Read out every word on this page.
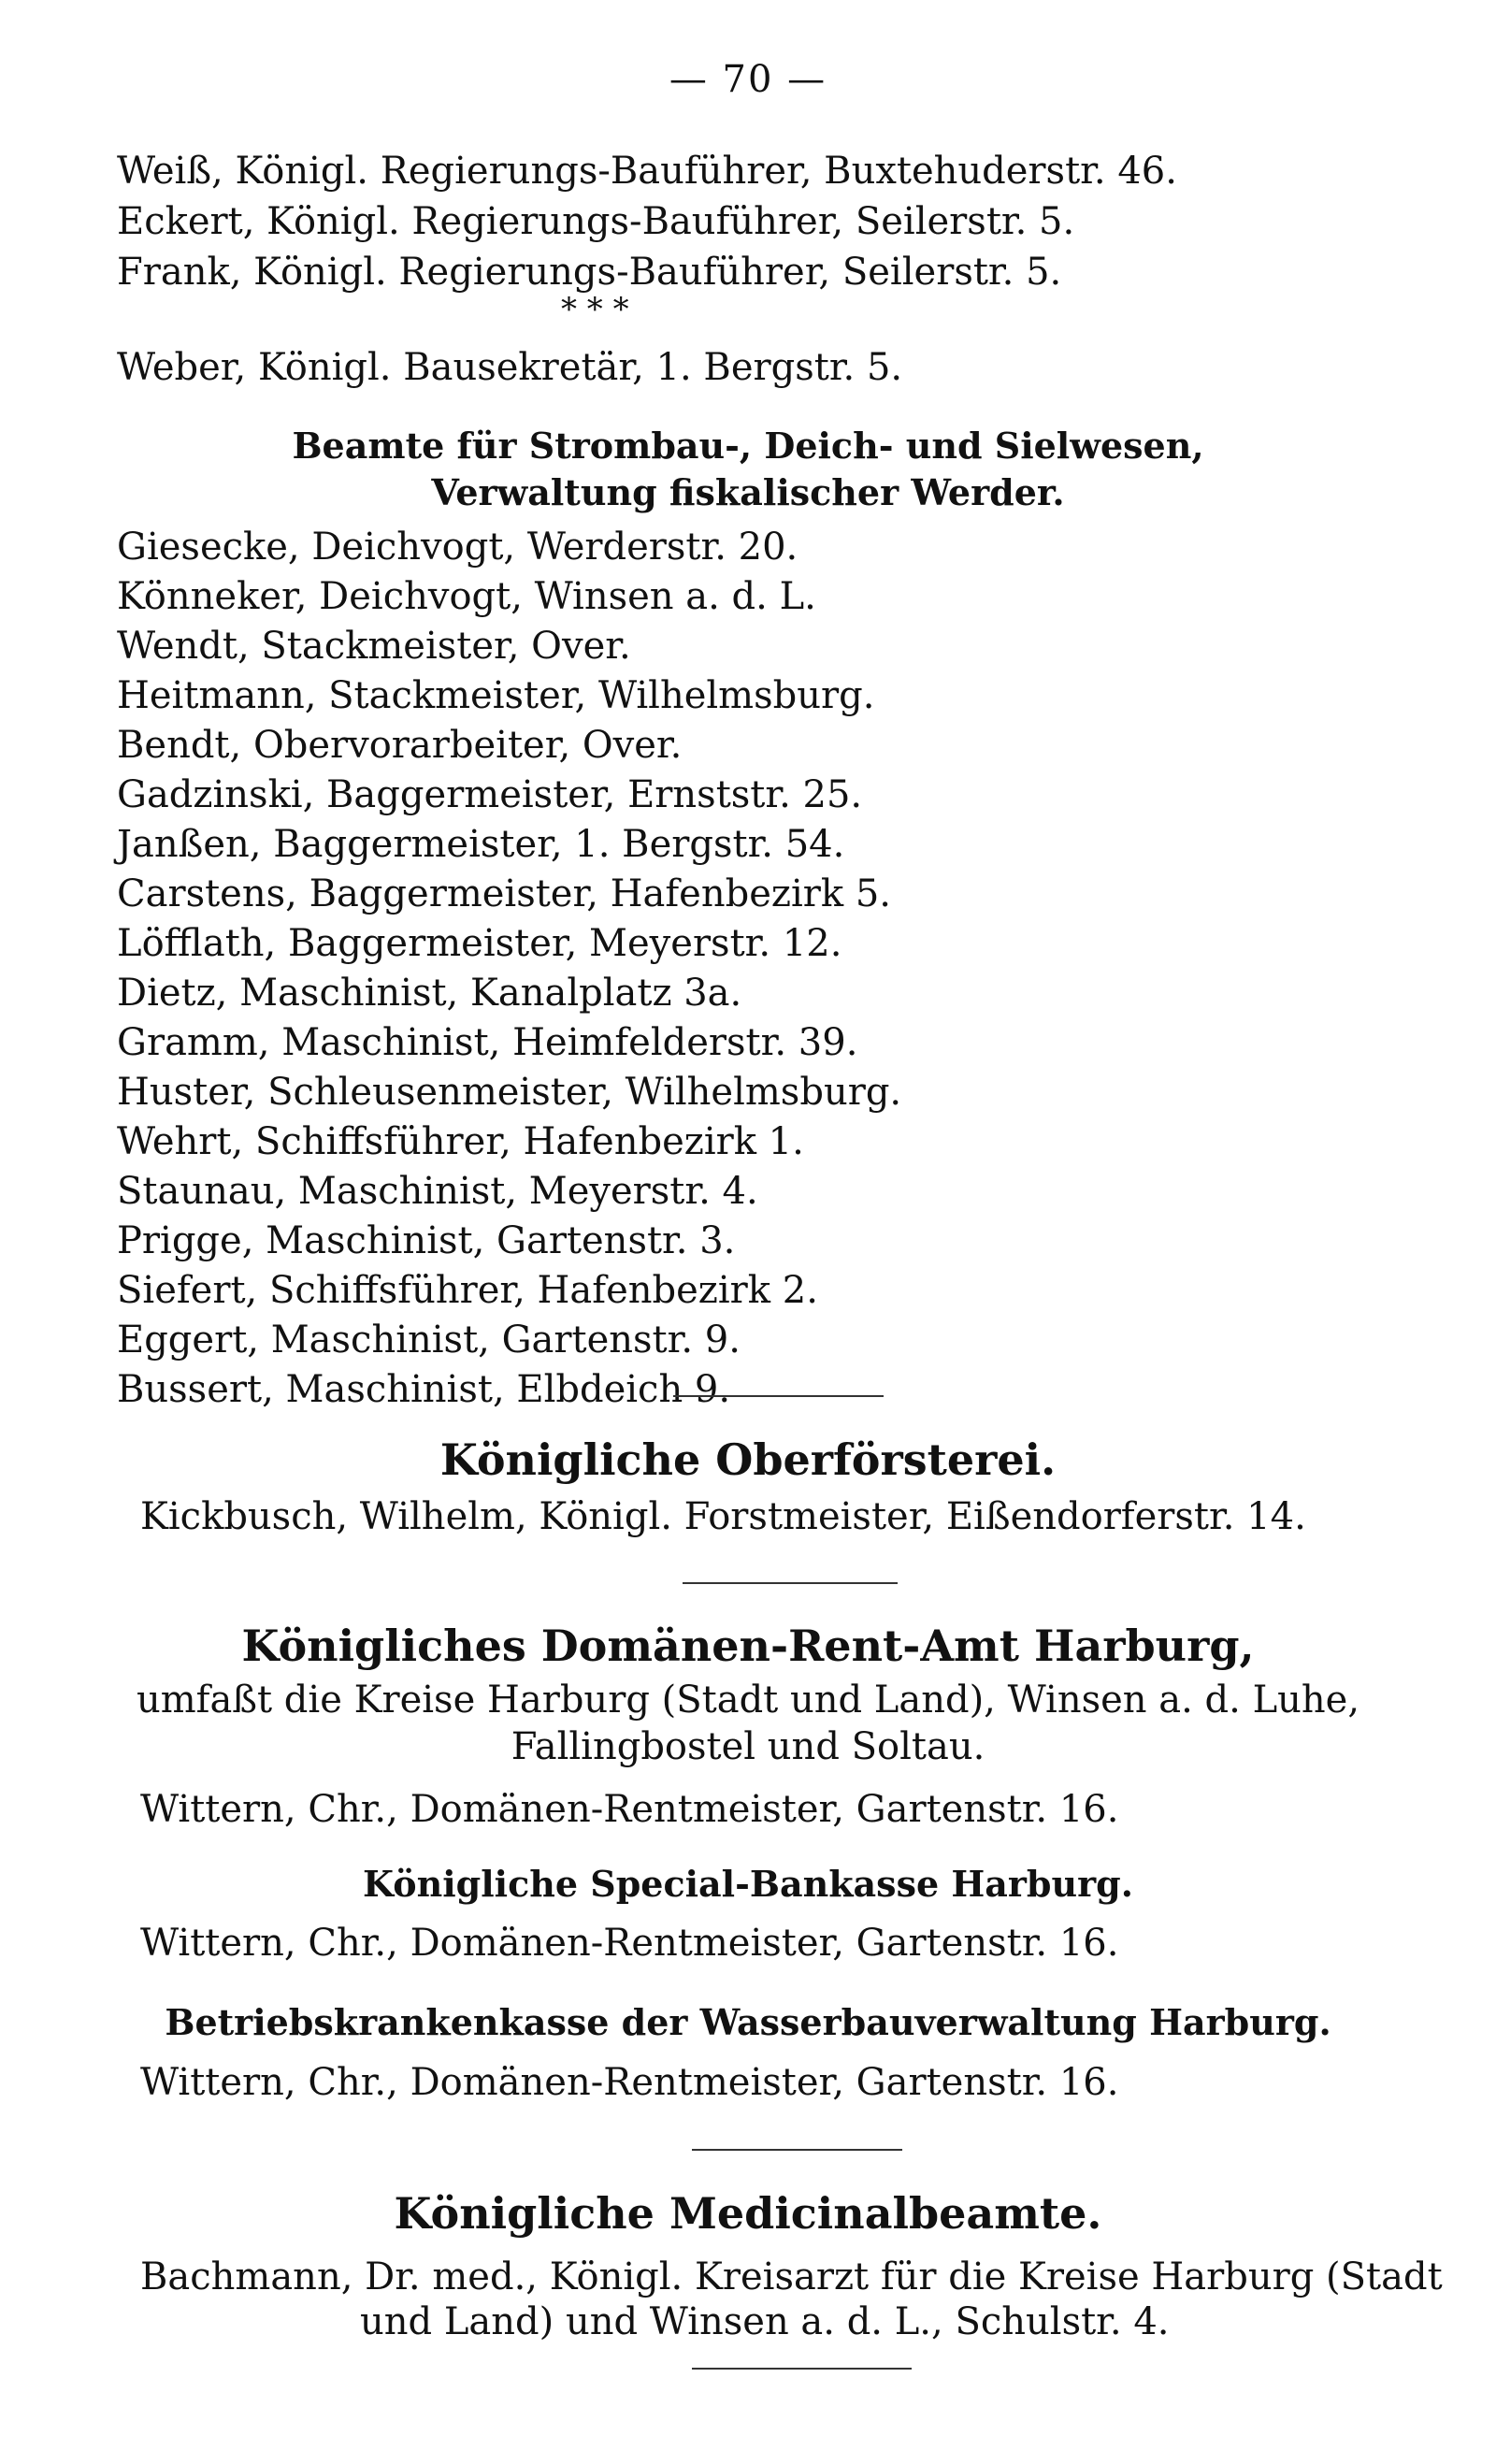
— 70 —
Weiß, Königl. Regierungs-Bauführer, Buxtehuderstr. 46.
Eckert, Königl. Regierungs-Bauführer, Seilerstr. 5.
Frank, Königl. Regierungs-Bauführer, Seilerstr. 5.
* * *
Weber, Königl. Bausekretär, 1. Bergstr. 5.
Beamte für Strombau-, Deich- und Sielwesen,
Verwaltung fiskalischer Werder.
Giesecke, Deichvogt, Werderstr. 20.
Könneker, Deichvogt, Winsen a. d. L.
Wendt, Stackmeister, Over.
Heitmann, Stackmeister, Wilhelmsburg.
Bendt, Obervorarbeiter, Over.
Gadzinski, Baggermeister, Ernststr. 25.
Janßen, Baggermeister, 1. Bergstr. 54.
Carstens, Baggermeister, Hafenbezirk 5.
Löfflath, Baggermeister, Meyerstr. 12.
Dietz, Maschinist, Kanalplatz 3a.
Gramm, Maschinist, Heimfelderstr. 39.
Huster, Schleusenmeister, Wilhelmsburg.
Wehrt, Schiffsführer, Hafenbezirk 1.
Staunau, Maschinist, Meyerstr. 4.
Prigge, Maschinist, Gartenstr. 3.
Siefert, Schiffsführer, Hafenbezirk 2.
Eggert, Maschinist, Gartenstr. 9.
Bussert, Maschinist, Elbdeich 9.
Königliche Oberförsterei.
Kickbusch, Wilhelm, Königl. Forstmeister, Eißendorferstr. 14.
Königliches Domänen-Rent-Amt Harburg,
umfaßt die Kreise Harburg (Stadt und Land), Winsen a. d. Luhe,
Fallingbostel und Soltau.
Wittern, Chr., Domänen-Rentmeister, Gartenstr. 16.
Königliche Special-Bankasse Harburg.
Wittern, Chr., Domänen-Rentmeister, Gartenstr. 16.
Betriebskrankenkasse der Wasserbauverwaltung Harburg.
Wittern, Chr., Domänen-Rentmeister, Gartenstr. 16.
Königliche Medicinalbeamte.
Bachmann, Dr. med., Königl. Kreisarzt für die Kreise Harburg (Stadt
und Land) und Winsen a. d. L., Schulstr. 4.
